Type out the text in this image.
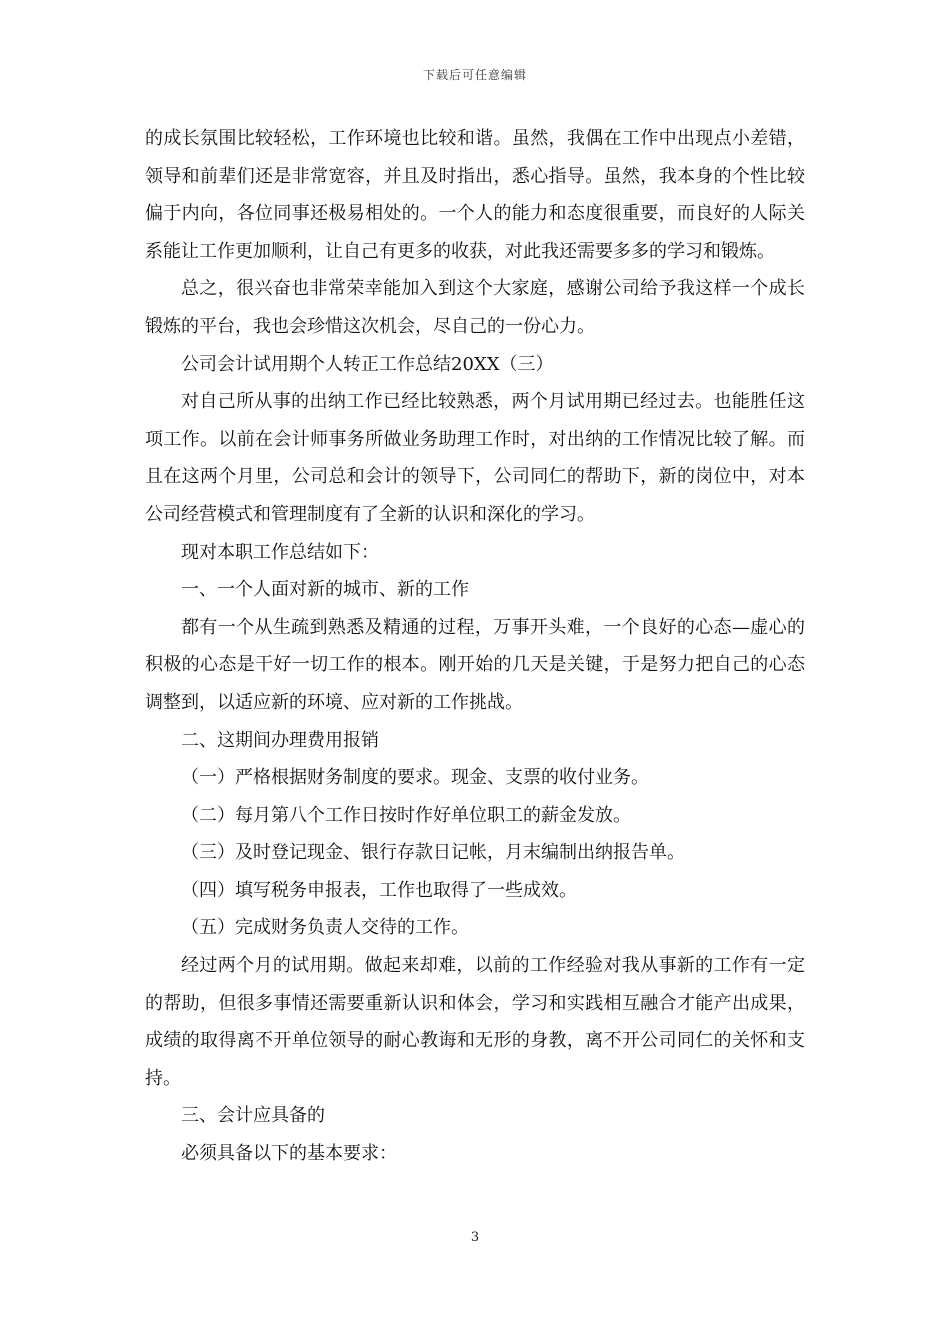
下载后可任意编辑

的成长氛围比较轻松，工作环境也比较和谐。虽然，我偶在工作中出现点小差错，领导和前辈们还是非常宽容，并且及时指出，悉心指导。虽然，我本身的个性比较偏于内向，各位同事还极易相处的。一个人的能力和态度很重要，而良好的人际关系能让工作更加顺利，让自己有更多的收获，对此我还需要多多的学习和锻炼。

总之，很兴奋也非常荣幸能加入到这个大家庭，感谢公司给予我这样一个成长锻炼的平台，我也会珍惜这次机会，尽自己的一份心力。

公司会计试用期个人转正工作总结20XX（三）

对自己所从事的出纳工作已经比较熟悉，两个月试用期已经过去。也能胜任这项工作。以前在会计师事务所做业务助理工作时，对出纳的工作情况比较了解。而且在这两个月里，公司总和会计的领导下，公司同仁的帮助下，新的岗位中，对本公司经营模式和管理制度有了全新的认识和深化的学习。

现对本职工作总结如下：

一、一个人面对新的城市、新的工作

都有一个从生疏到熟悉及精通的过程，万事开头难，一个良好的心态—虚心的积极的心态是干好一切工作的根本。刚开始的几天是关键，于是努力把自己的心态调整到，以适应新的环境、应对新的工作挑战。

二、这期间办理费用报销

（一）严格根据财务制度的要求。现金、支票的收付业务。

（二）每月第八个工作日按时作好单位职工的薪金发放。

（三）及时登记现金、银行存款日记帐，月末编制出纳报告单。

（四）填写税务申报表，工作也取得了一些成效。

（五）完成财务负责人交待的工作。

经过两个月的试用期。做起来却难，以前的工作经验对我从事新的工作有一定的帮助，但很多事情还需要重新认识和体会，学习和实践相互融合才能产出成果，成绩的取得离不开单位领导的耐心教诲和无形的身教，离不开公司同仁的关怀和支持。

三、会计应具备的

必须具备以下的基本要求：

3
